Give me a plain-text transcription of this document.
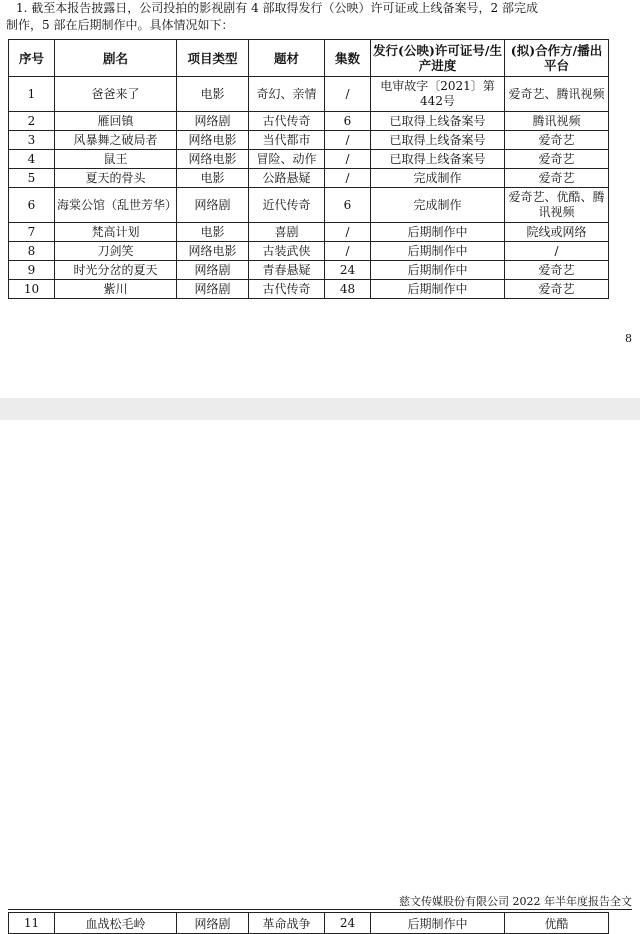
1. 截至本报告披露日，公司投拍的影视剧有 4 部取得发行（公映）许可证或上线备案号，2 部完成
制作，5 部在后期制作中。具体情况如下：
序号	剧名	项目类型	题材	集数	发行(公映)许可证号/生产进度	(拟)合作方/播出平台
1	爸爸来了	电影	奇幻、亲情	/	电审故字〔2021〕第442号	爱奇艺、腾讯视频
2	雁回镇	网络剧	古代传奇	6	已取得上线备案号	腾讯视频
3	风暴舞之破局者	网络电影	当代都市	/	已取得上线备案号	爱奇艺
4	鼠王	网络电影	冒险、动作	/	已取得上线备案号	爱奇艺
5	夏天的骨头	电影	公路悬疑	/	完成制作	爱奇艺
6	海棠公馆（乱世芳华）	网络剧	近代传奇	6	完成制作	爱奇艺、优酷、腾讯视频
7	梵高计划	电影	喜剧	/	后期制作中	院线或网络
8	刀剑笑	网络电影	古装武侠	/	后期制作中	/
9	时光分岔的夏天	网络剧	青春悬疑	24	后期制作中	爱奇艺
10	紫川	网络剧	古代传奇	48	后期制作中	爱奇艺
8
慈文传媒股份有限公司 2022 年半年度报告全文
11	血战松毛岭	网络剧	革命战争	24	后期制作中	优酷
